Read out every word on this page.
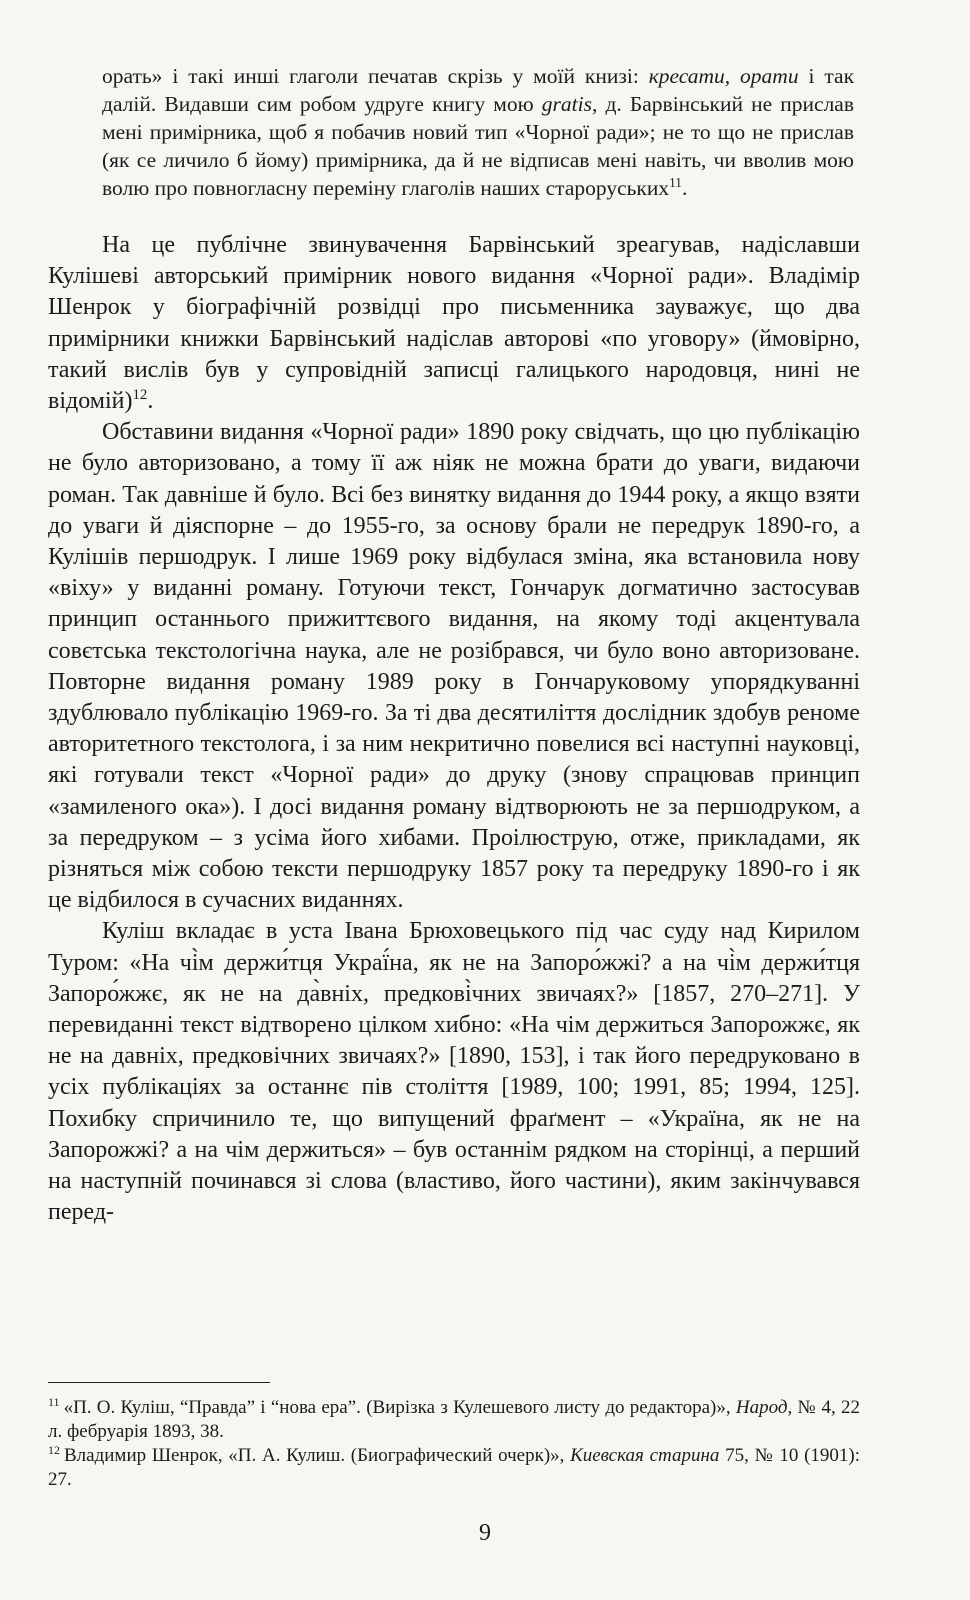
орать» і такі инші глаголи печатав скрізь у моїй книзі: кресати, орати і так далій. Видавши сим робом удруге книгу мою gratis, д. Барвінський не прислав мені примірника, щоб я побачив новий тип «Чорної ради»; не то що не прислав (як се личило б йому) примірника, да й не відписав мені навіть, чи вволив мою волю про повногласну переміну глаголів наших староруських$^{11}$.

На це публічне звинувачення Барвінський зреагував, надіславши Кулішеві авторський примірник нового видання «Чорної ради». Владімір Шенрок у біографічній розвідці про письменника зауважує, що два примірники книжки Барвінський надіслав авторові «по уговору» (ймовірно, такий вислів був у супровідній записці галицького народовця, нині не відомій)$^{12}$.

Обставини видання «Чорної ради» 1890 року свідчать, що цю публікацію не було авторизовано, а тому її аж ніяк не можна брати до уваги, видаючи роман. Так давніше й було. Всі без винятку видання до 1944 року, а якщо взяти до уваги й діяспорне – до 1955-го, за основу брали не передрук 1890-го, а Кулішів першодрук. І лише 1969 року відбулася зміна, яка встановила нову «віху» у виданні роману. Готуючи текст, Гончарук догматично застосував принцип останнього прижиттєвого видання, на якому тоді акцентувала совєтська текстологічна наука, але не розібрався, чи було воно авторизоване. Повторне видання роману 1989 року в Гончаруковому упорядкуванні здублювало публікацію 1969-го. За ті два десятиліття дослідник здобув реноме авторитетного текстолога, і за ним некритично повелися всі наступні науковці, які готували текст «Чорної ради» до друку (знову спрацював принцип «замиленого ока»). І досі видання роману відтворюють не за першодруком, а за передруком – з усіма його хибами. Проілюструю, отже, прикладами, як різняться між собою тексти першодруку 1857 року та передруку 1890-го і як це відбилося в сучасних виданнях.

Куліш вкладає в уста Івана Брюховецького під час суду над Кирилом Туром: «На чі̀м держи́тця Украї́на, як не на Запоро́жжі? а на чі̀м держи́тця Запоро́жжє, як не на да̀вніх, предкові̀чних звичаях?» [1857, 270–271]. У перевиданні текст відтворено цілком хибно: «На чім держиться Запорожжє, як не на давніх, предковічних звичаях?» [1890, 153], і так його передруковано в усіх публікаціях за останнє пів століття [1989, 100; 1991, 85; 1994, 125]. Похибку спричинило те, що випущений фраґмент – «Україна, як не на Запорожжі? а на чім держиться» – був останнім рядком на сторінці, а перший на наступній починався зі слова (властиво, його частини), яким закінчувався перед-

$^{11}$ «П. О. Куліш, “Правда” і “нова ера”. (Вирізка з Кулешевого листу до редактора)», Народ, № 4, 22 л. фебруарія 1893, 38.
$^{12}$ Владимир Шенрок, «П. А. Кулиш. (Биографический очерк)», Киевская старина 75, № 10 (1901): 27.
9
